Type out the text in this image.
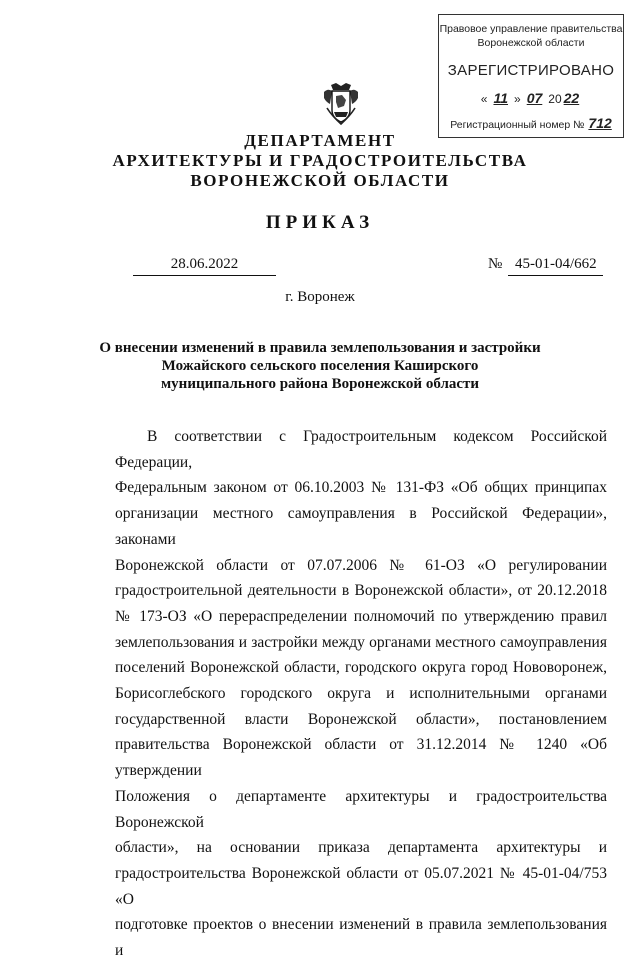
Правовое управление правительства
Воронежской области
ЗАРЕГИСТРИРОВАНО
« 11 » 07 20 22
Регистрационный номер № 712
ДЕПАРТАМЕНТ
АРХИТЕКТУРЫ И ГРАДОСТРОИТЕЛЬСТВА
ВОРОНЕЖСКОЙ ОБЛАСТИ
ПРИКАЗ
28.06.2022	№ 45-01-04/662
г. Воронеж
О внесении изменений в правила землепользования и застройки
Можайского сельского поселения Каширского
муниципального района Воронежской области
В соответствии с Градостроительным кодексом Российской Федерации,
Федеральным законом от 06.10.2003 № 131-ФЗ «Об общих принципах
организации местного самоуправления в Российской Федерации», законами
Воронежской области от 07.07.2006 № 61-ОЗ «О регулировании
градостроительной деятельности в Воронежской области», от 20.12.2018
№ 173-ОЗ «О перераспределении полномочий по утверждению правил
землепользования и застройки между органами местного самоуправления
поселений Воронежской области, городского округа город Нововоронеж,
Борисоглебского городского округа и исполнительными органами
государственной власти Воронежской области», постановлением
правительства Воронежской области от 31.12.2014 № 1240 «Об утверждении
Положения о департаменте архитектуры и градостроительства Воронежской
области», на основании приказа департамента архитектуры и
градостроительства Воронежской области от 05.07.2021 № 45-01-04/753 «О
подготовке проектов о внесении изменений в правила землепользования и
